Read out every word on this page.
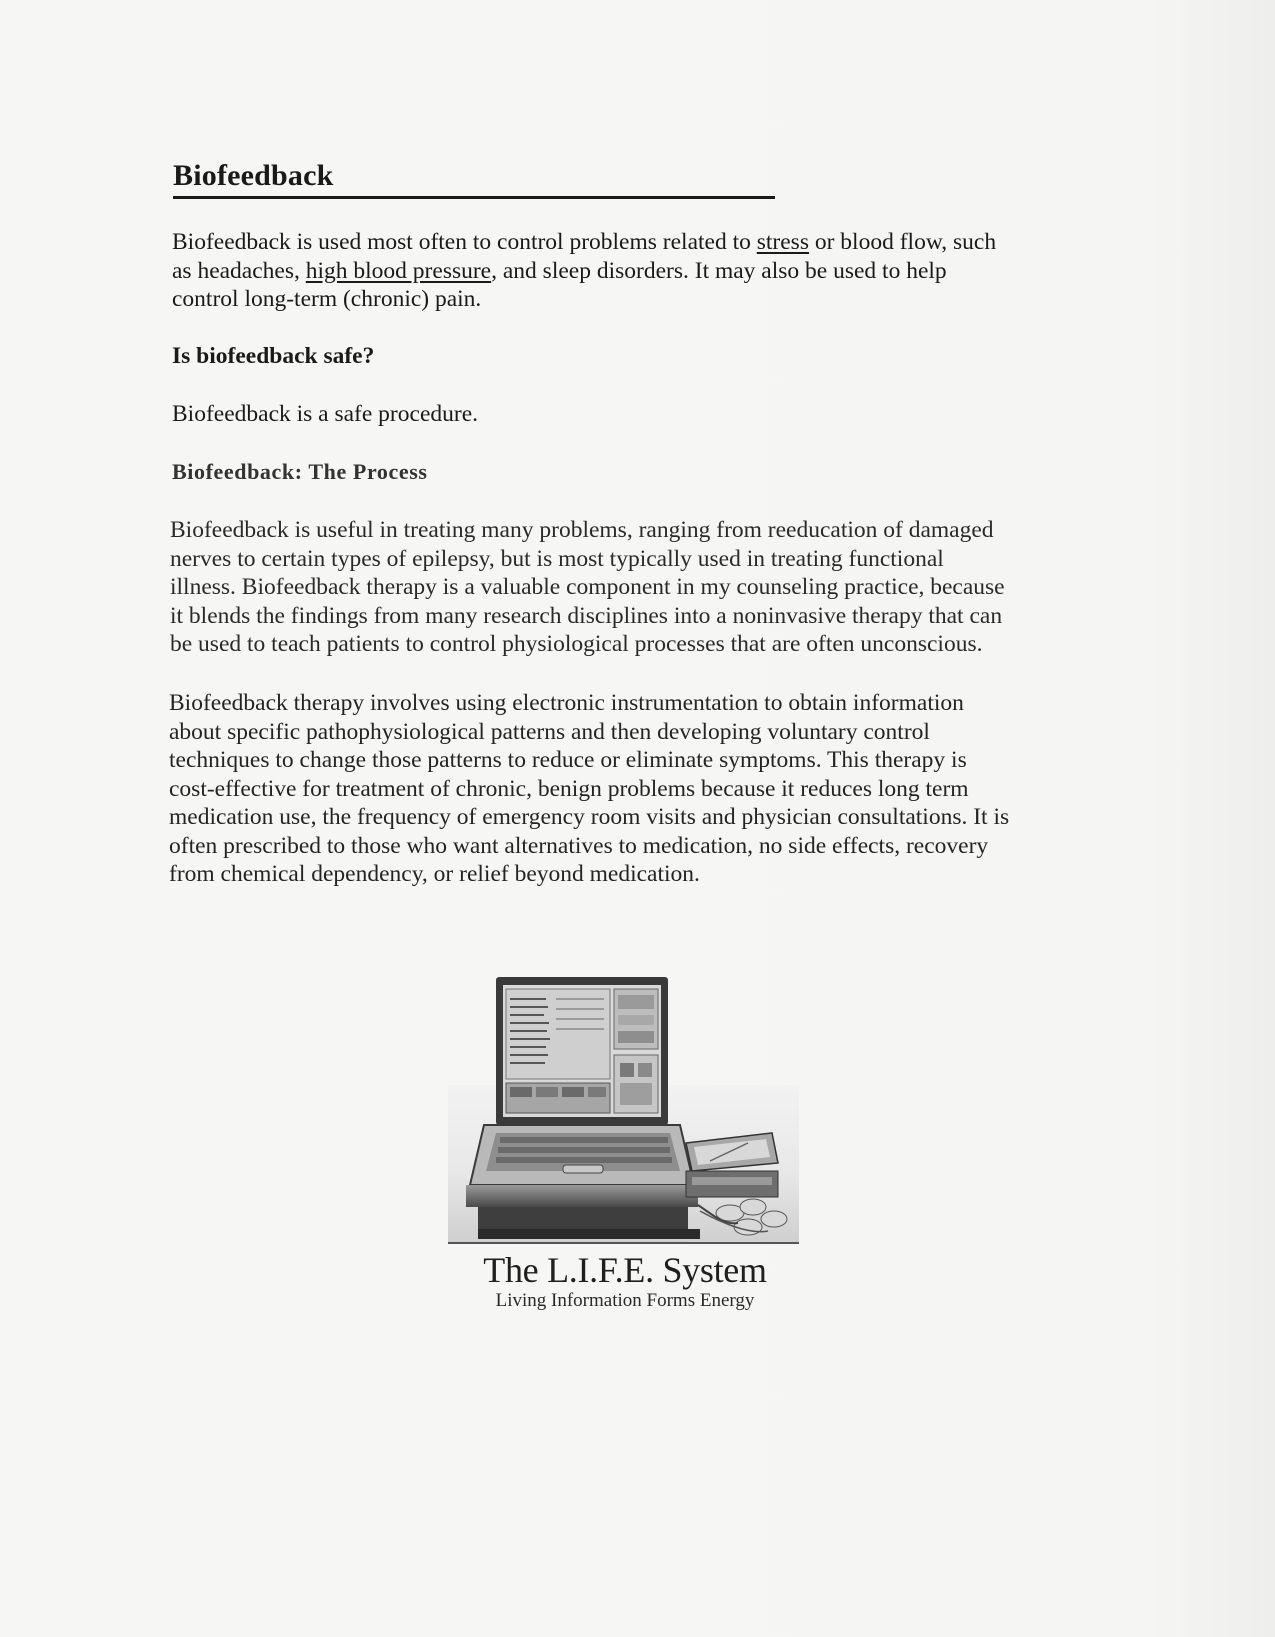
Biofeedback

Biofeedback is used most often to control problems related to stress or blood flow, such
as headaches, high blood pressure, and sleep disorders. It may also be used to help
control long-term (chronic) pain.

Is biofeedback safe?

Biofeedback is a safe procedure.

Biofeedback: The Process

Biofeedback is useful in treating many problems, ranging from reeducation of damaged
nerves to certain types of epilepsy, but is most typically used in treating functional
illness. Biofeedback therapy is a valuable component in my counseling practice, because
it blends the findings from many research disciplines into a noninvasive therapy that can
be used to teach patients to control physiological processes that are often unconscious.

Biofeedback therapy involves using electronic instrumentation to obtain information
about specific pathophysiological patterns and then developing voluntary control
techniques to change those patterns to reduce or eliminate symptoms. This therapy is
cost-effective for treatment of chronic, benign problems because it reduces long term
medication use, the frequency of emergency room visits and physician consultations. It is
often prescribed to those who want alternatives to medication, no side effects, recovery
from chemical dependency, or relief beyond medication.

The L.I.F.E. System
Living Information Forms Energy
